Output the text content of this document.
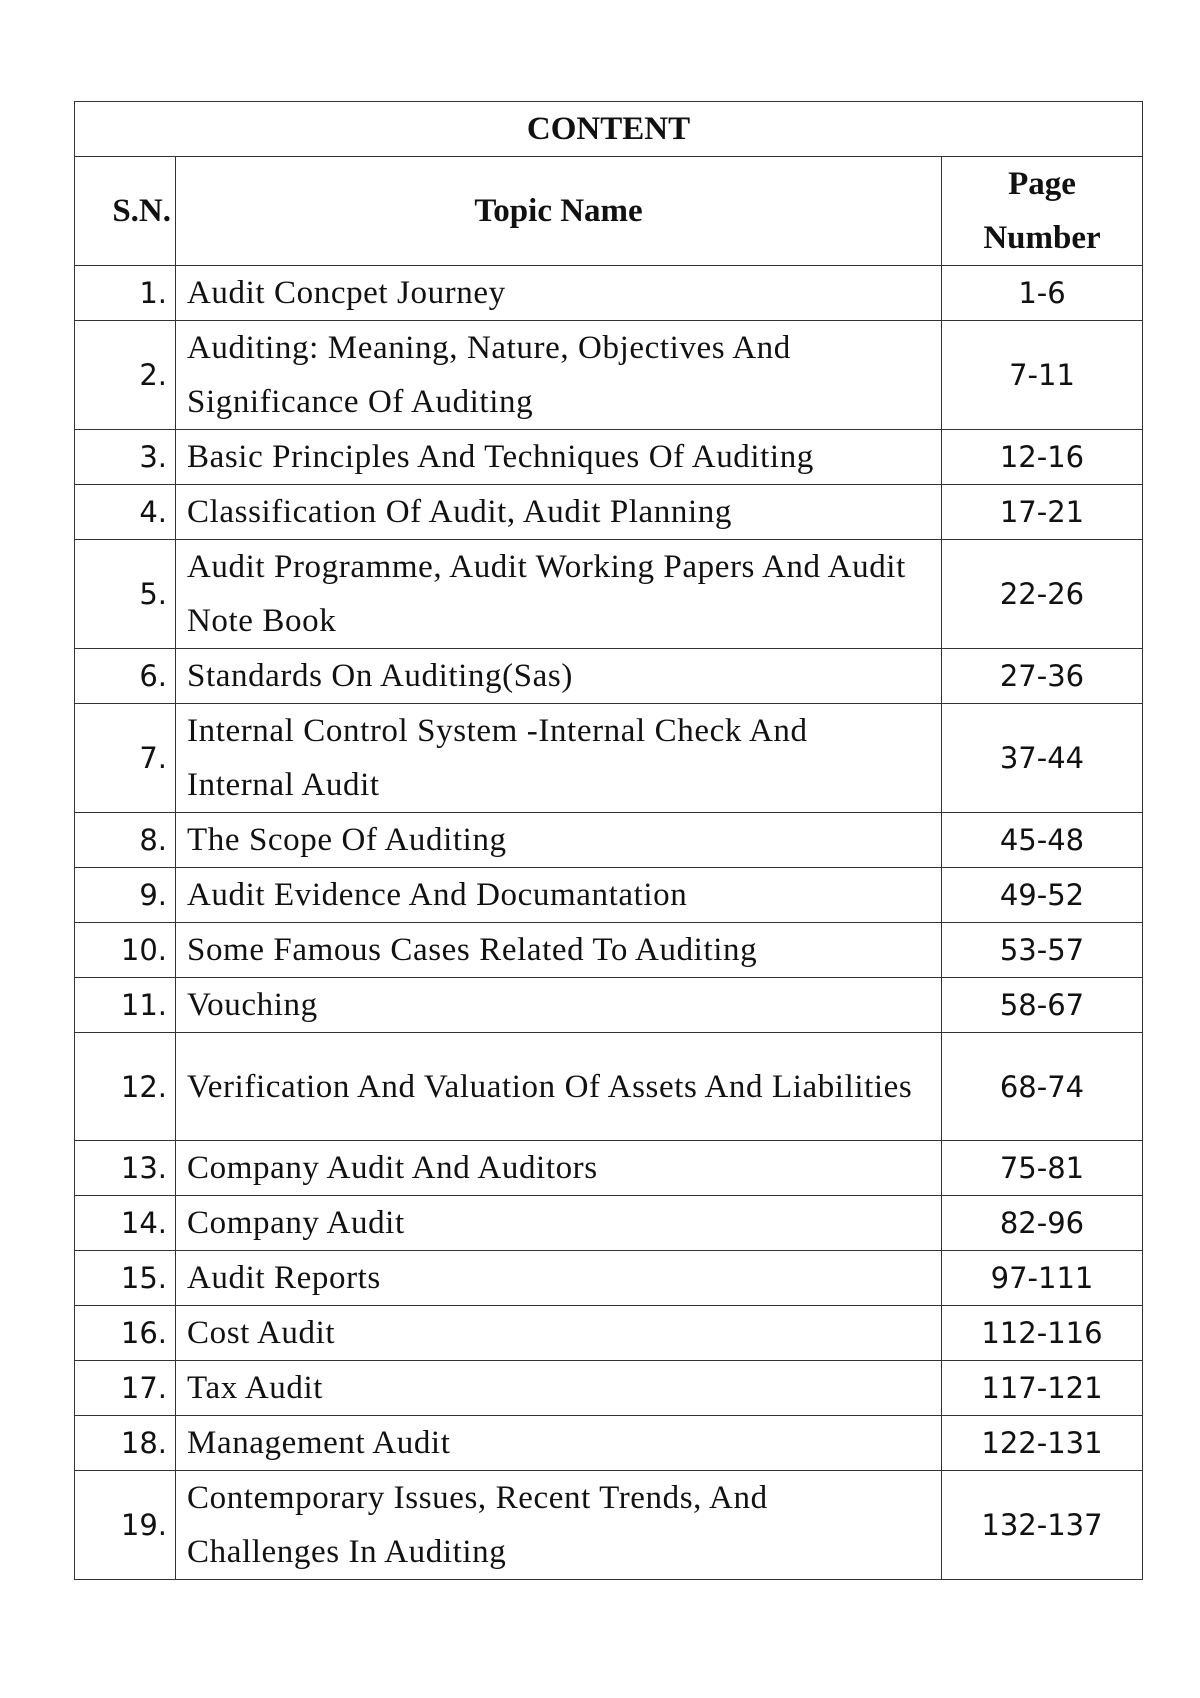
CONTENT		
S.N.	Topic Name	Page
Number
1.	Audit Concpet Journey	1-6
2.	Auditing: Meaning, Nature, Objectives And Significance Of Auditing	7-11
3.	Basic Principles And Techniques Of Auditing	12-16
4.	Classification Of Audit, Audit Planning	17-21
5.	Audit Programme, Audit Working Papers And Audit Note Book	22-26
6.	Standards On Auditing(Sas)	27-36
7.	Internal Control System -Internal Check And Internal Audit	37-44
8.	The Scope Of Auditing	45-48
9.	Audit Evidence And Documantation	49-52
10.	Some Famous Cases Related To Auditing	53-57
11.	Vouching	58-67
12.	Verification And Valuation Of Assets And Liabilities	68-74
13.	Company Audit And Auditors	75-81
14.	Company Audit	82-96
15.	Audit Reports	97-111
16.	Cost Audit	112-116
17.	Tax Audit	117-121
18.	Management Audit	122-131
19.	Contemporary Issues, Recent Trends, And Challenges In Auditing	132-137
